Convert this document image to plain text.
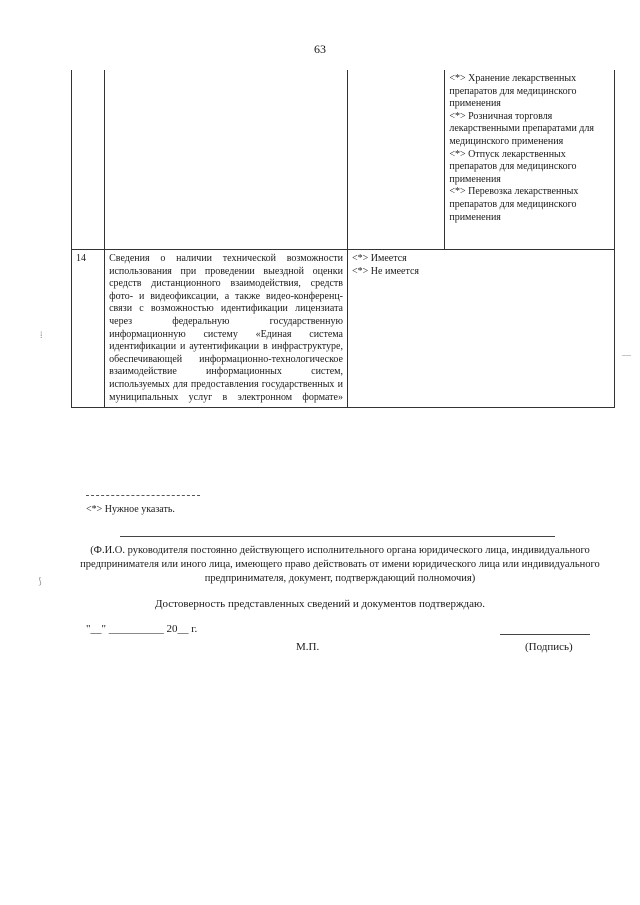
63

			<*> Хранение лекарственных препаратов для медицинского применения
<*> Розничная торговля лекарственными препаратами для медицинского применения
<*> Отпуск лекарственных препаратов для медицинского применения
<*> Перевозка лекарственных препаратов для медицинского применения

14	Сведения о наличии технической возможности использования при проведении выездной оценки средств дистанционного взаимодействия, средств фото- и видеофиксации, а также видео-конференц-связи с возможностью идентификации лицензиата через федеральную государственную информационную систему «Единая система идентификации и аутентификации в инфраструктуре, обеспечивающей информационно-технологическое взаимодействие информационных систем, используемых для предоставления государственных и муниципальных услуг в электронном формате»	<*> Имеется
<*> Не имеется	
<*> Нужное указать.
(Ф.И.О. руководителя постоянно действующего исполнительного органа юридического лица, индивидуального предпринимателя или иного лица, имеющего право действовать от имени юридического лица или индивидуального предпринимателя, документ, подтверждающий полномочия)
Достоверность представленных сведений и документов подтверждаю.
"__" __________ 20__ г.
М.П.	(Подпись)
⁞
—
⟆
